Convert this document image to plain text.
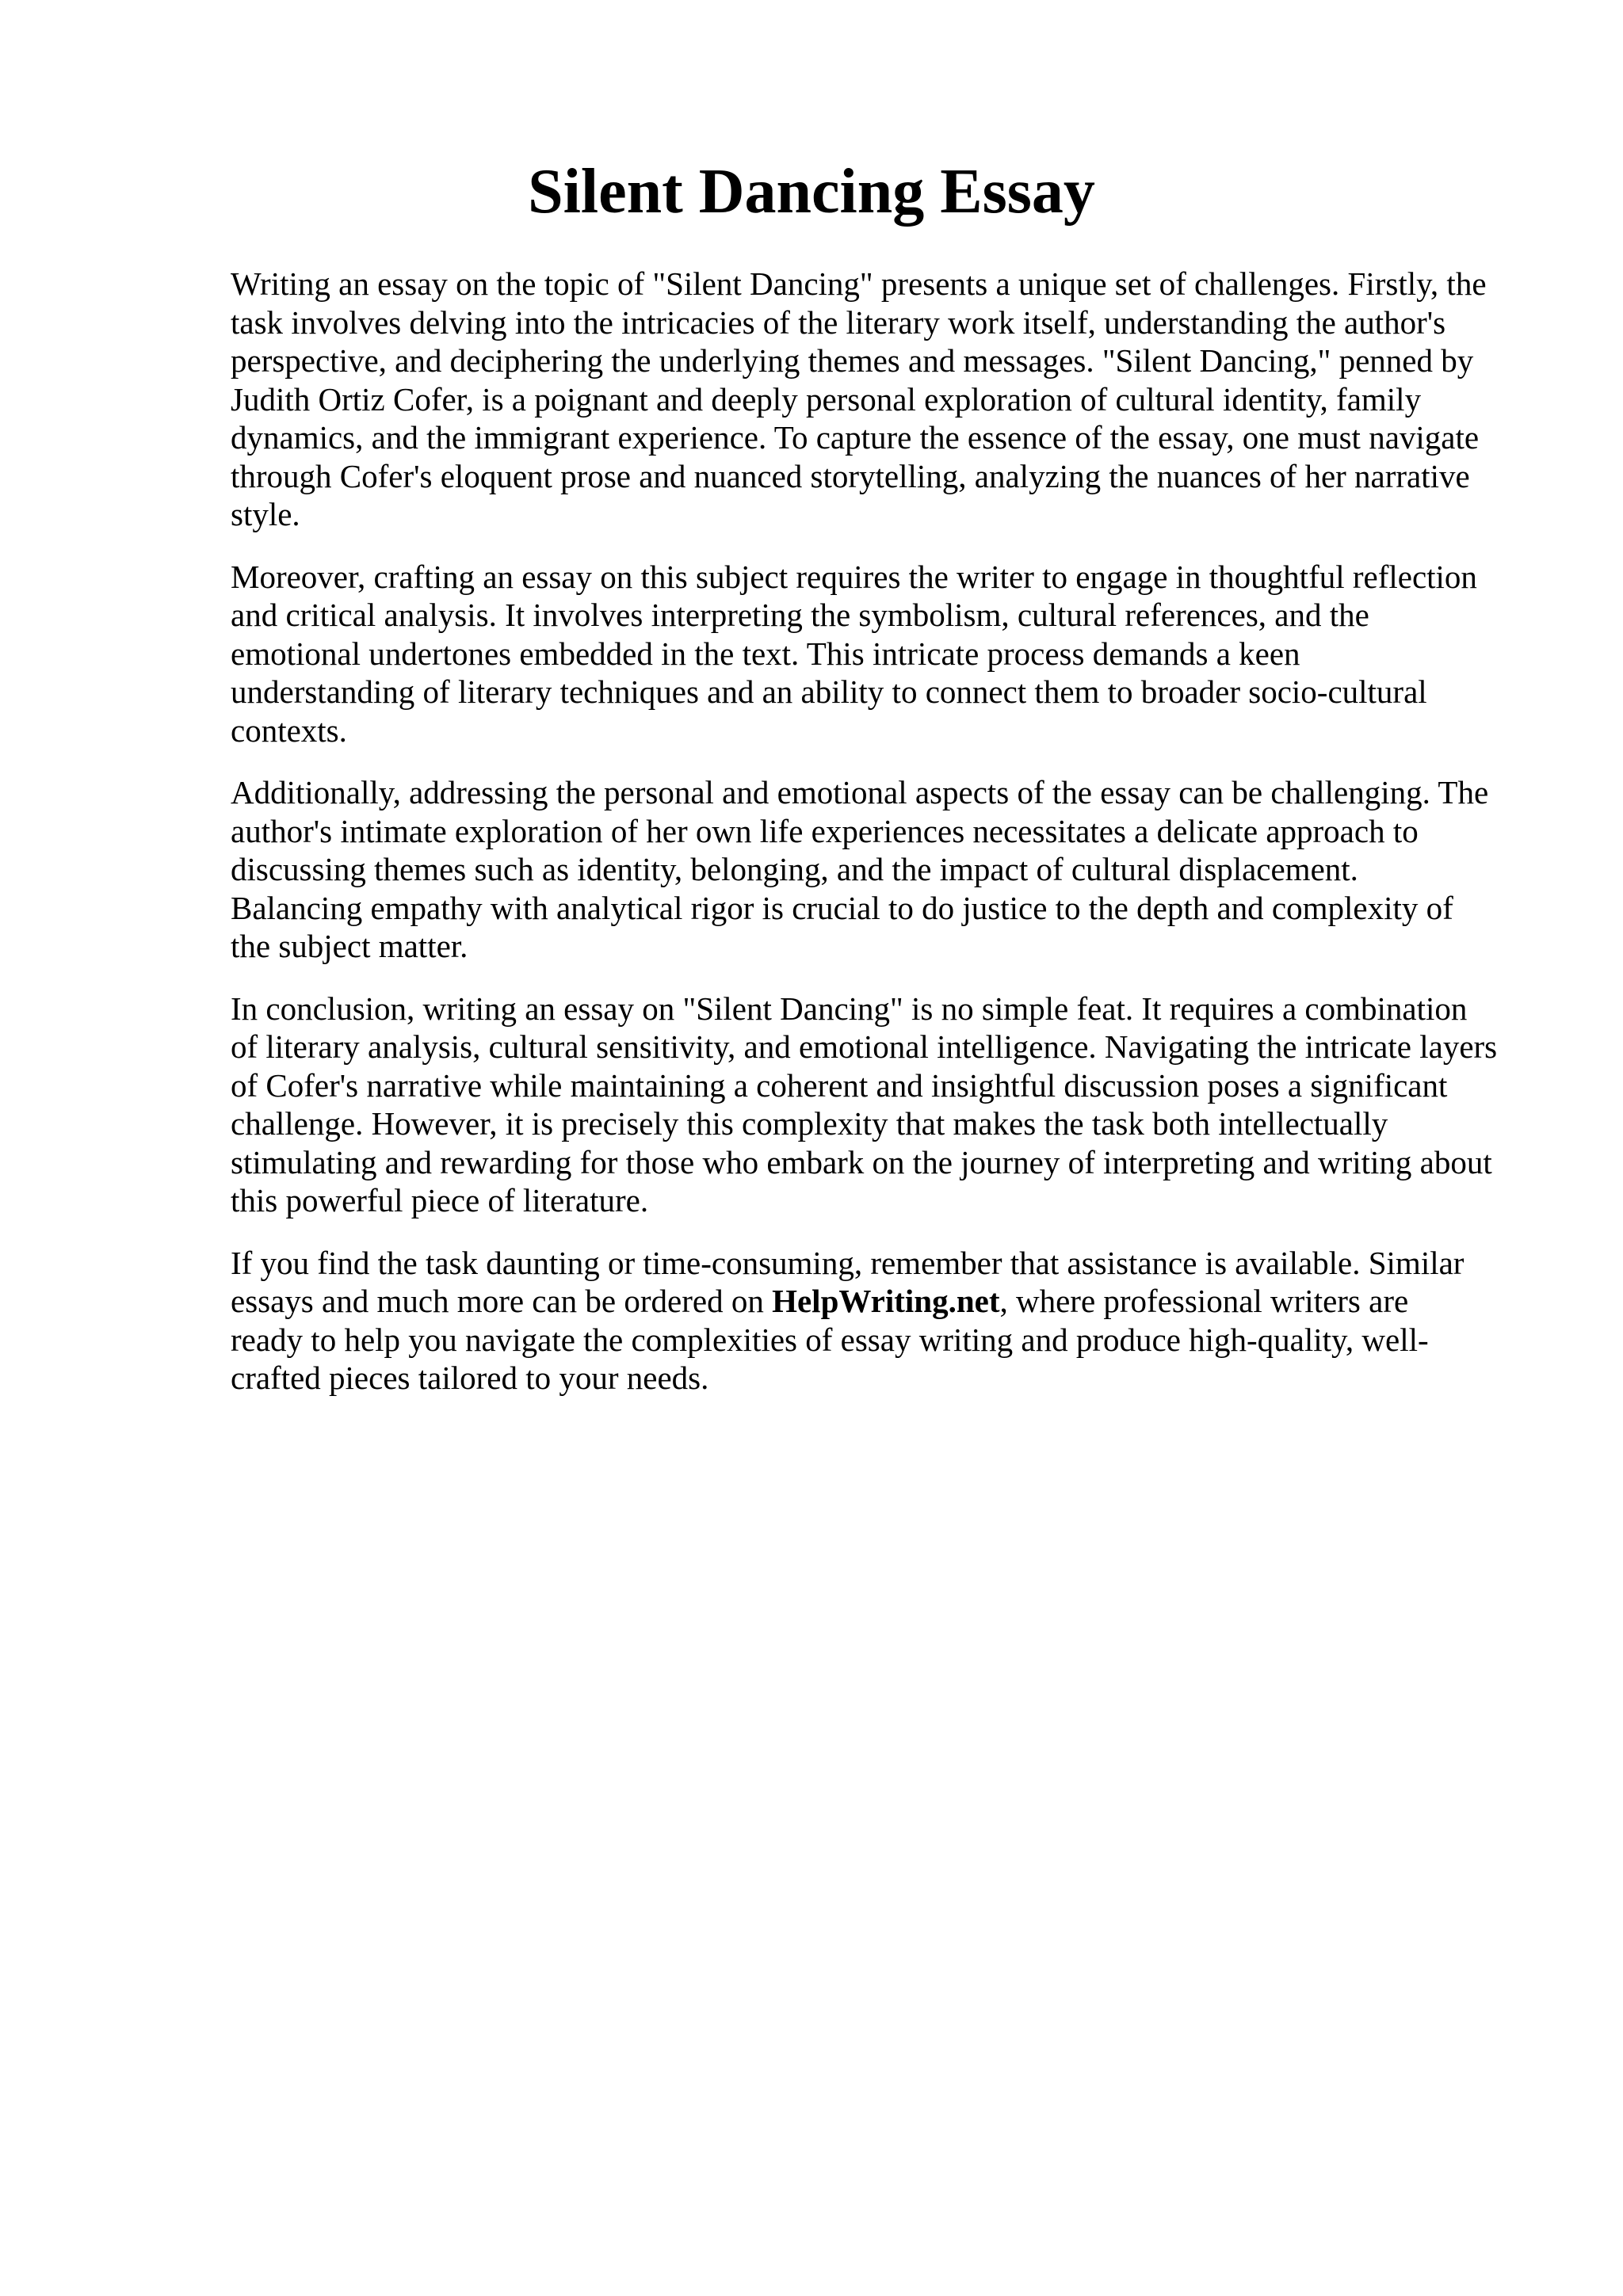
Silent Dancing Essay

Writing an essay on the topic of "Silent Dancing" presents a unique set of challenges. Firstly, the
task involves delving into the intricacies of the literary work itself, understanding the author's
perspective, and deciphering the underlying themes and messages. "Silent Dancing," penned by
Judith Ortiz Cofer, is a poignant and deeply personal exploration of cultural identity, family
dynamics, and the immigrant experience. To capture the essence of the essay, one must navigate
through Cofer's eloquent prose and nuanced storytelling, analyzing the nuances of her narrative
style.

Moreover, crafting an essay on this subject requires the writer to engage in thoughtful reflection
and critical analysis. It involves interpreting the symbolism, cultural references, and the
emotional undertones embedded in the text. This intricate process demands a keen
understanding of literary techniques and an ability to connect them to broader socio-cultural
contexts.

Additionally, addressing the personal and emotional aspects of the essay can be challenging. The
author's intimate exploration of her own life experiences necessitates a delicate approach to
discussing themes such as identity, belonging, and the impact of cultural displacement.
Balancing empathy with analytical rigor is crucial to do justice to the depth and complexity of
the subject matter.

In conclusion, writing an essay on "Silent Dancing" is no simple feat. It requires a combination
of literary analysis, cultural sensitivity, and emotional intelligence. Navigating the intricate layers
of Cofer's narrative while maintaining a coherent and insightful discussion poses a significant
challenge. However, it is precisely this complexity that makes the task both intellectually
stimulating and rewarding for those who embark on the journey of interpreting and writing about
this powerful piece of literature.

If you find the task daunting or time-consuming, remember that assistance is available. Similar
essays and much more can be ordered on HelpWriting.net, where professional writers are
ready to help you navigate the complexities of essay writing and produce high-quality, well-
crafted pieces tailored to your needs.
